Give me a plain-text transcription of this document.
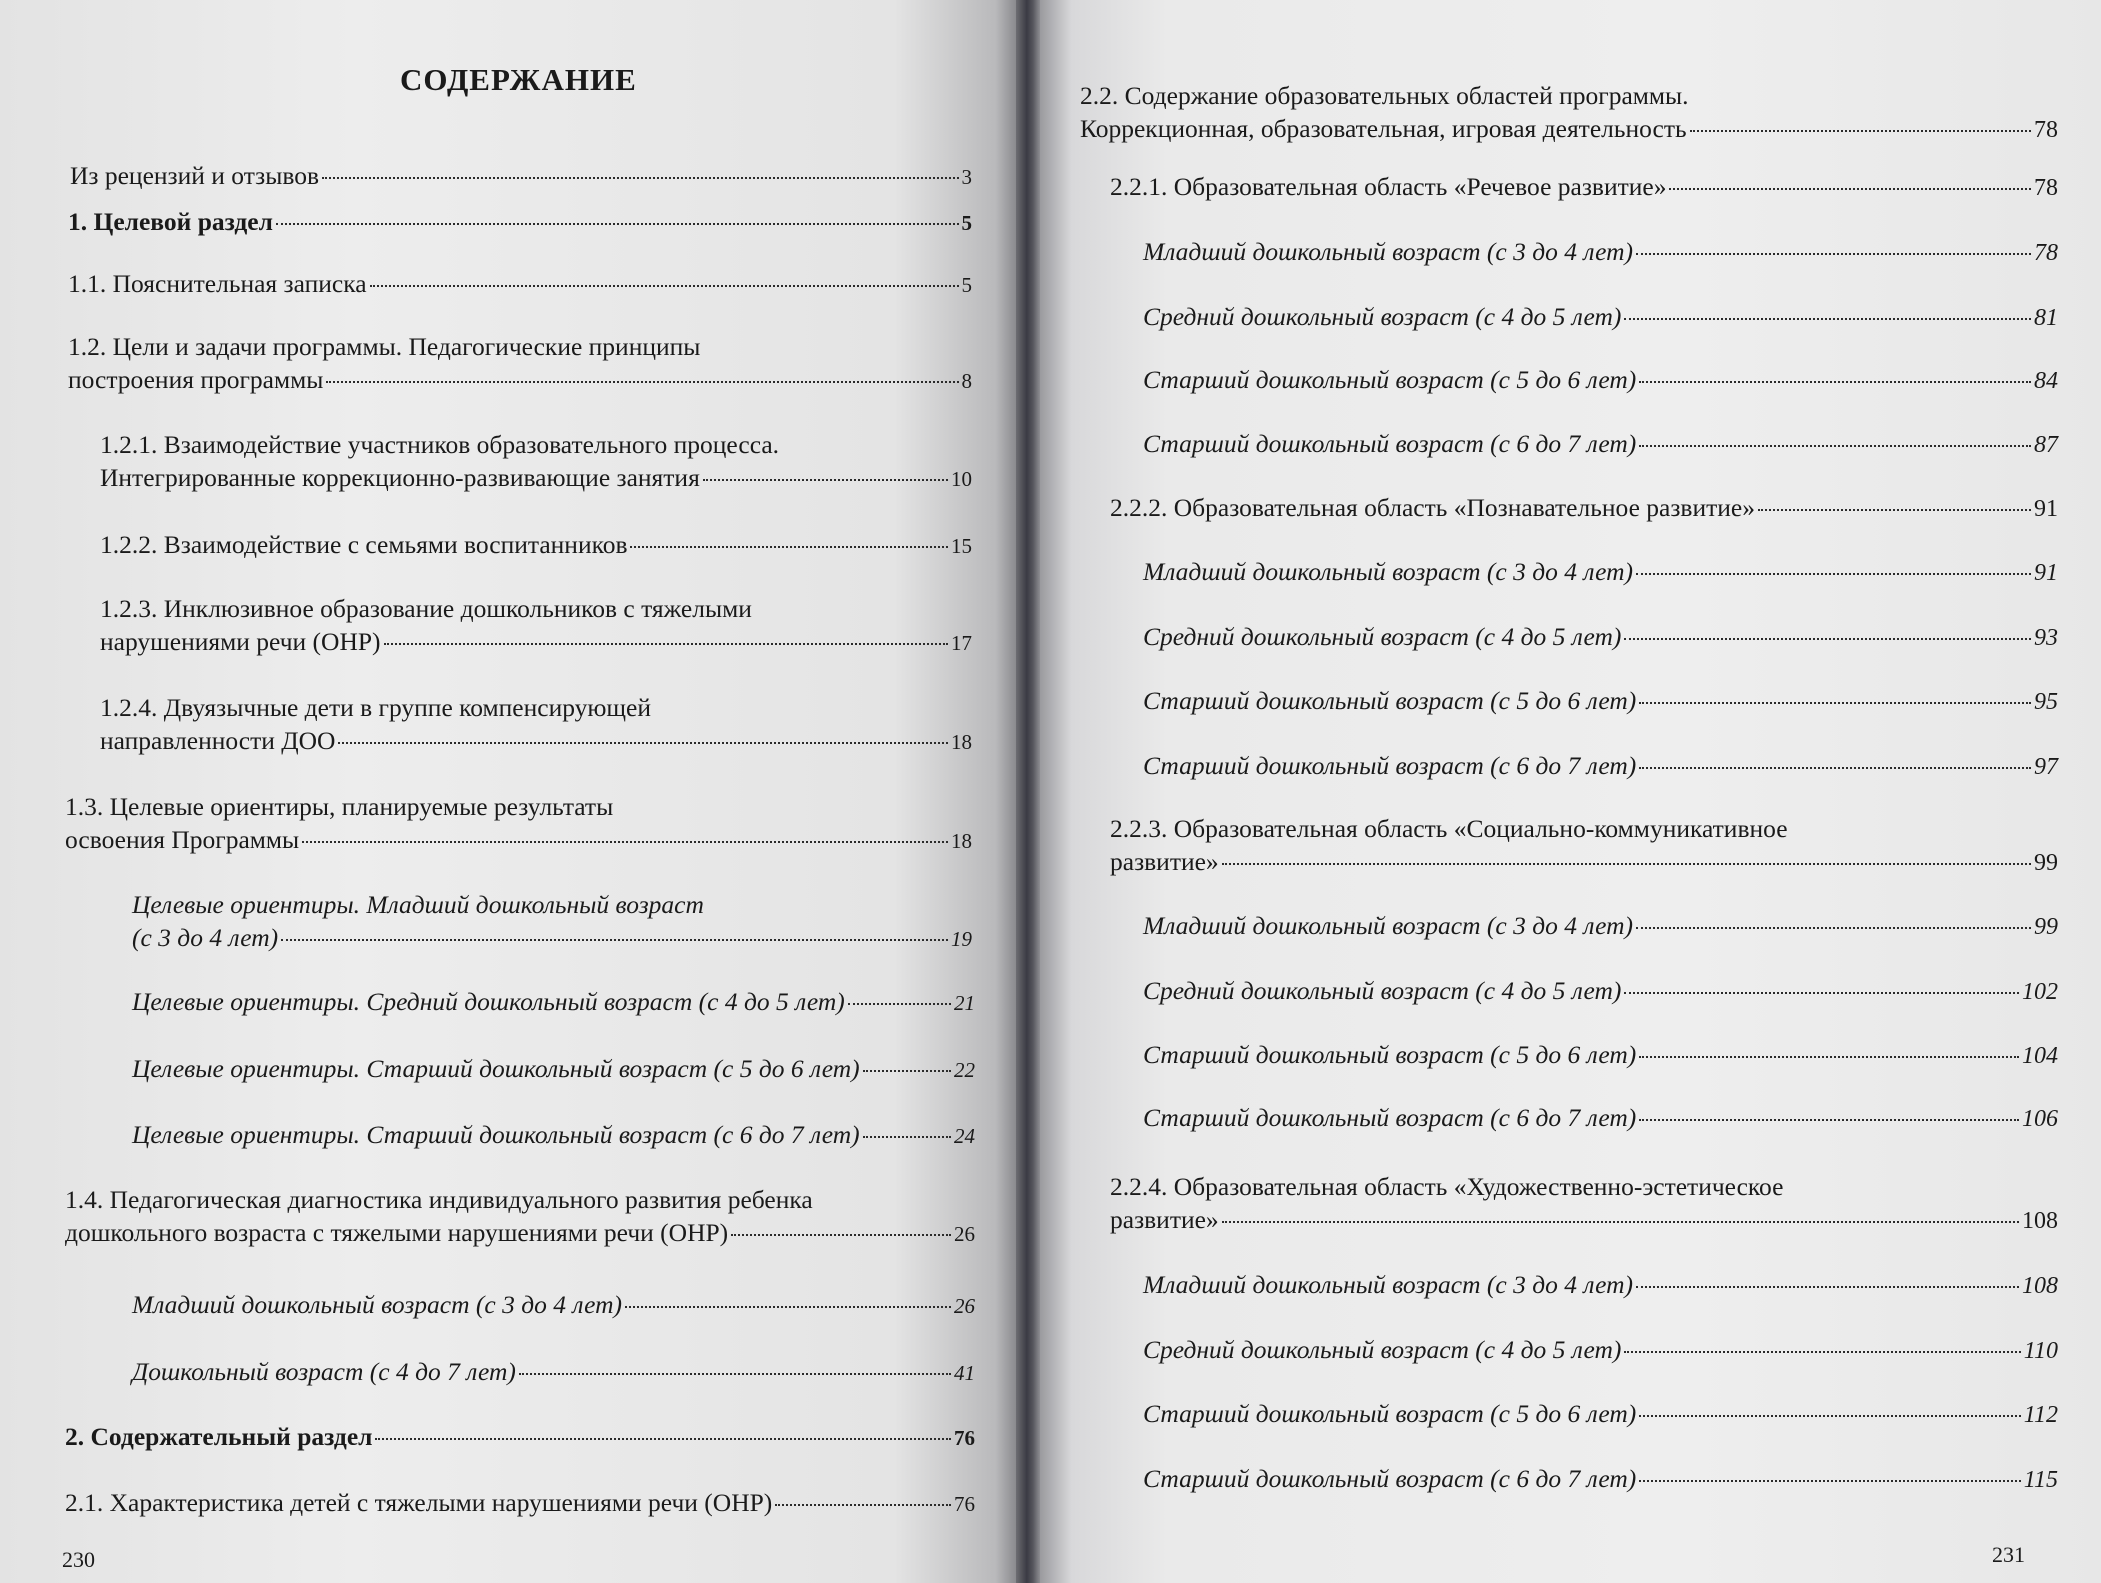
СОДЕРЖАНИЕ
Из рецензий и отзывов	3
1. Целевой раздел	5
1.1. Пояснительная записка	5
1.2. Цели и задачи программы. Педагогические принципы
построения программы	8
1.2.1. Взаимодействие участников образовательного процесса.
Интегрированные коррекционно-развивающие занятия	10
1.2.2. Взаимодействие с семьями воспитанников	15
1.2.3. Инклюзивное образование дошкольников с тяжелыми
нарушениями речи (ОНР)	17
1.2.4. Двуязычные дети в группе компенсирующей
направленности ДОО	18
1.3. Целевые ориентиры, планируемые результаты
освоения Программы	18
Целевые ориентиры. Младший дошкольный возраст
(с 3 до 4 лет)	19
Целевые ориентиры. Средний дошкольный возраст (с 4 до 5 лет)	21
Целевые ориентиры. Старший дошкольный возраст (с 5 до 6 лет)	22
Целевые ориентиры. Старший дошкольный возраст (с 6 до 7 лет)	24
1.4. Педагогическая диагностика индивидуального развития ребенка
дошкольного возраста с тяжелыми нарушениями речи (ОНР)	26
Младший дошкольный возраст (с 3 до 4 лет)	26
Дошкольный возраст (с 4 до 7 лет)	41
2. Содержательный раздел	76
2.1. Характеристика детей с тяжелыми нарушениями речи (ОНР)	76
230
2.2. Содержание образовательных областей программы.
Коррекционная, образовательная, игровая деятельность	78
2.2.1. Образовательная область «Речевое развитие»	78
Младший дошкольный возраст (с 3 до 4 лет)	78
Средний дошкольный возраст (с 4 до 5 лет)	81
Старший дошкольный возраст (с 5 до 6 лет)	84
Старший дошкольный возраст (с 6 до 7 лет)	87
2.2.2. Образовательная область «Познавательное развитие»	91
Младший дошкольный возраст (с 3 до 4 лет)	91
Средний дошкольный возраст (с 4 до 5 лет)	93
Старший дошкольный возраст (с 5 до 6 лет)	95
Старший дошкольный возраст (с 6 до 7 лет)	97
2.2.3. Образовательная область «Социально-коммуникативное
развитие»	99
Младший дошкольный возраст (с 3 до 4 лет)	99
Средний дошкольный возраст (с 4 до 5 лет)	102
Старший дошкольный возраст (с 5 до 6 лет)	104
Старший дошкольный возраст (с 6 до 7 лет)	106
2.2.4. Образовательная область «Художественно-эстетическое
развитие»	108
Младший дошкольный возраст (с 3 до 4 лет)	108
Средний дошкольный возраст (с 4 до 5 лет)	110
Старший дошкольный возраст (с 5 до 6 лет)	112
Старший дошкольный возраст (с 6 до 7 лет)	115
231
